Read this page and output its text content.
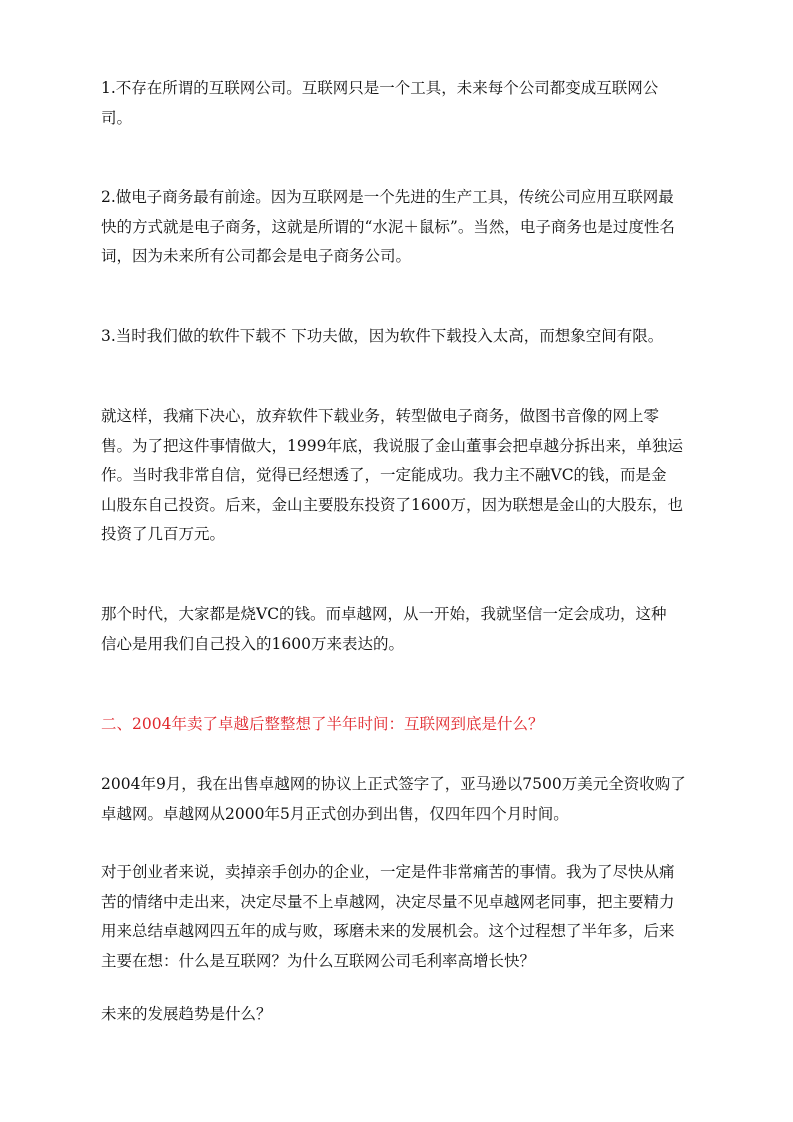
1.不存在所谓的互联网公司。互联网只是一个工具，未来每个公司都变成互联网公
司。

2.做电子商务最有前途。因为互联网是一个先进的生产工具，传统公司应用互联网最
快的方式就是电子商务，这就是所谓的“水泥＋鼠标”。当然，电子商务也是过度性名
词，因为未来所有公司都会是电子商务公司。

3.当时我们做的软件下载不 下功夫做，因为软件下载投入太高，而想象空间有限。

就这样，我痛下决心，放弃软件下载业务，转型做电子商务，做图书音像的网上零
售。为了把这件事情做大，1999年底，我说服了金山董事会把卓越分拆出来，单独运
作。当时我非常自信，觉得已经想透了，一定能成功。我力主不融VC的钱，而是金
山股东自己投资。后来，金山主要股东投资了1600万，因为联想是金山的大股东，也
投资了几百万元。

那个时代，大家都是烧VC的钱。而卓越网，从一开始，我就坚信一定会成功，这种
信心是用我们自己投入的1600万来表达的。

二、2004年卖了卓越后整整想了半年时间：互联网到底是什么？

2004年9月，我在出售卓越网的协议上正式签字了，亚马逊以7500万美元全资收购了
卓越网。卓越网从2000年5月正式创办到出售，仅四年四个月时间。

对于创业者来说，卖掉亲手创办的企业，一定是件非常痛苦的事情。我为了尽快从痛
苦的情绪中走出来，决定尽量不上卓越网，决定尽量不见卓越网老同事，把主要精力
用来总结卓越网四五年的成与败，琢磨未来的发展机会。这个过程想了半年多，后来
主要在想：什么是互联网？为什么互联网公司毛利率高增长快？

未来的发展趋势是什么？
